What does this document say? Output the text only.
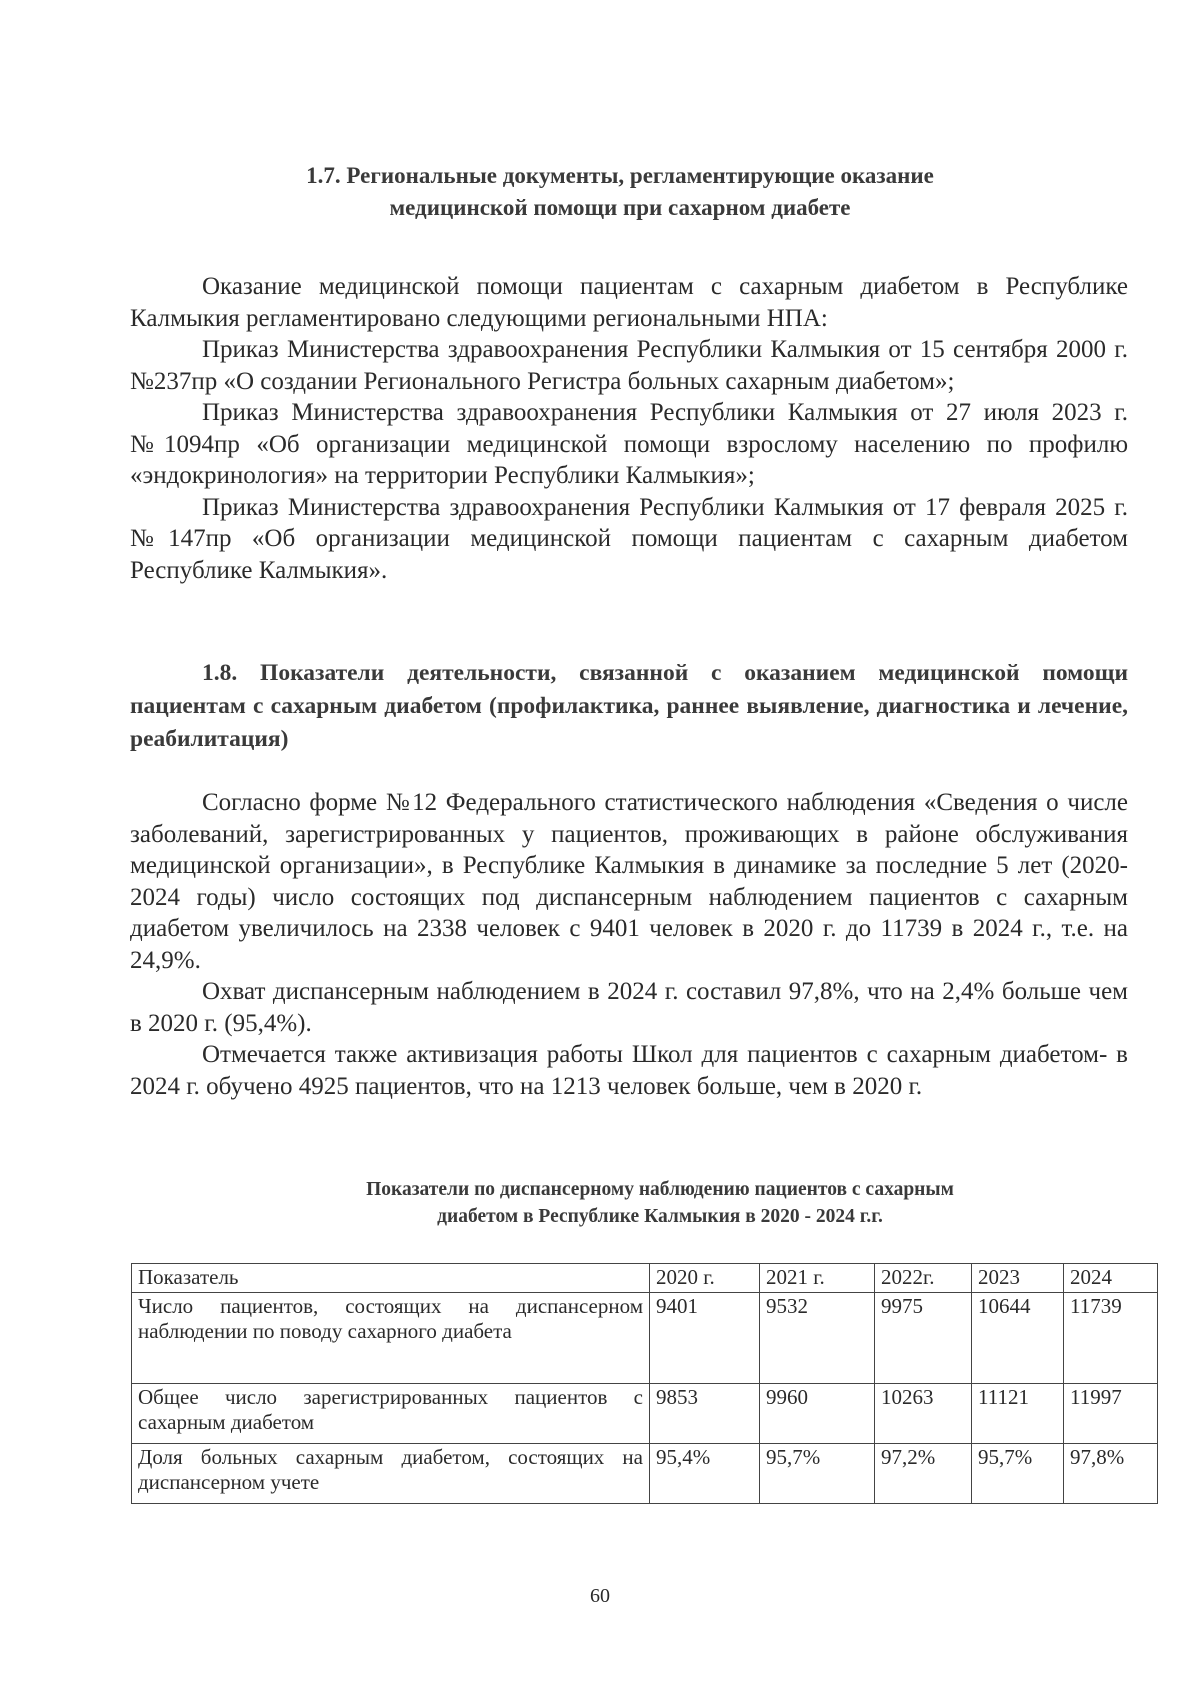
1.7. Региональные документы, регламентирующие оказание
медицинской помощи при сахарном диабете

Оказание медицинской помощи пациентам с сахарным диабетом в Республике Калмыкия регламентировано следующими региональными НПА:

Приказ Министерства здравоохранения Республики Калмыкия от 15 сентября 2000 г. №237пр «О создании Регионального Регистра больных сахарным диабетом»;

Приказ Министерства здравоохранения Республики Калмыкия от 27 июля 2023 г. №1094пр «Об организации медицинской помощи взрослому населению по профилю «эндокринология» на территории Республики Калмыкия»;

Приказ Министерства здравоохранения Республики Калмыкия от 17 февраля 2025 г. №147пр «Об организации медицинской помощи пациентам с сахарным диабетом Республике Калмыкия».

1.8. Показатели деятельности, связанной с оказанием медицинской помощи пациентам с сахарным диабетом (профилактика, раннее выявление, диагностика и лечение, реабилитация)

Согласно форме №12 Федерального статистического наблюдения «Сведения о числе заболеваний, зарегистрированных у пациентов, проживающих в районе обслуживания медицинской организации», в Республике Калмыкия в динамике за последние 5 лет (2020-2024 годы) число состоящих под диспансерным наблюдением пациентов с сахарным диабетом увеличилось на 2338 человек с 9401 человек в 2020 г. до 11739 в 2024 г., т.е. на 24,9%.

Охват диспансерным наблюдением в 2024 г. составил 97,8%, что на 2,4% больше чем в 2020 г. (95,4%).

Отмечается также активизация работы Школ для пациентов с сахарным диабетом- в 2024 г. обучено 4925 пациентов, что на 1213 человек больше, чем в 2020 г.

Показатели по диспансерному наблюдению пациентов с сахарным
диабетом в Республике Калмыкия в 2020 - 2024 г.г.
Показатель	2020 г.	2021 г.	2022г.	2023	2024
Число пациентов, состоящих на диспансерном наблюдении по поводу сахарного диабета	9401	9532	9975	10644	11739
Общее число зарегистрированных пациентов с сахарным диабетом	9853	9960	10263	11121	11997
Доля больных сахарным диабетом, состоящих на диспансерном учете	95,4%	95,7%	97,2%	95,7%	97,8%
60
